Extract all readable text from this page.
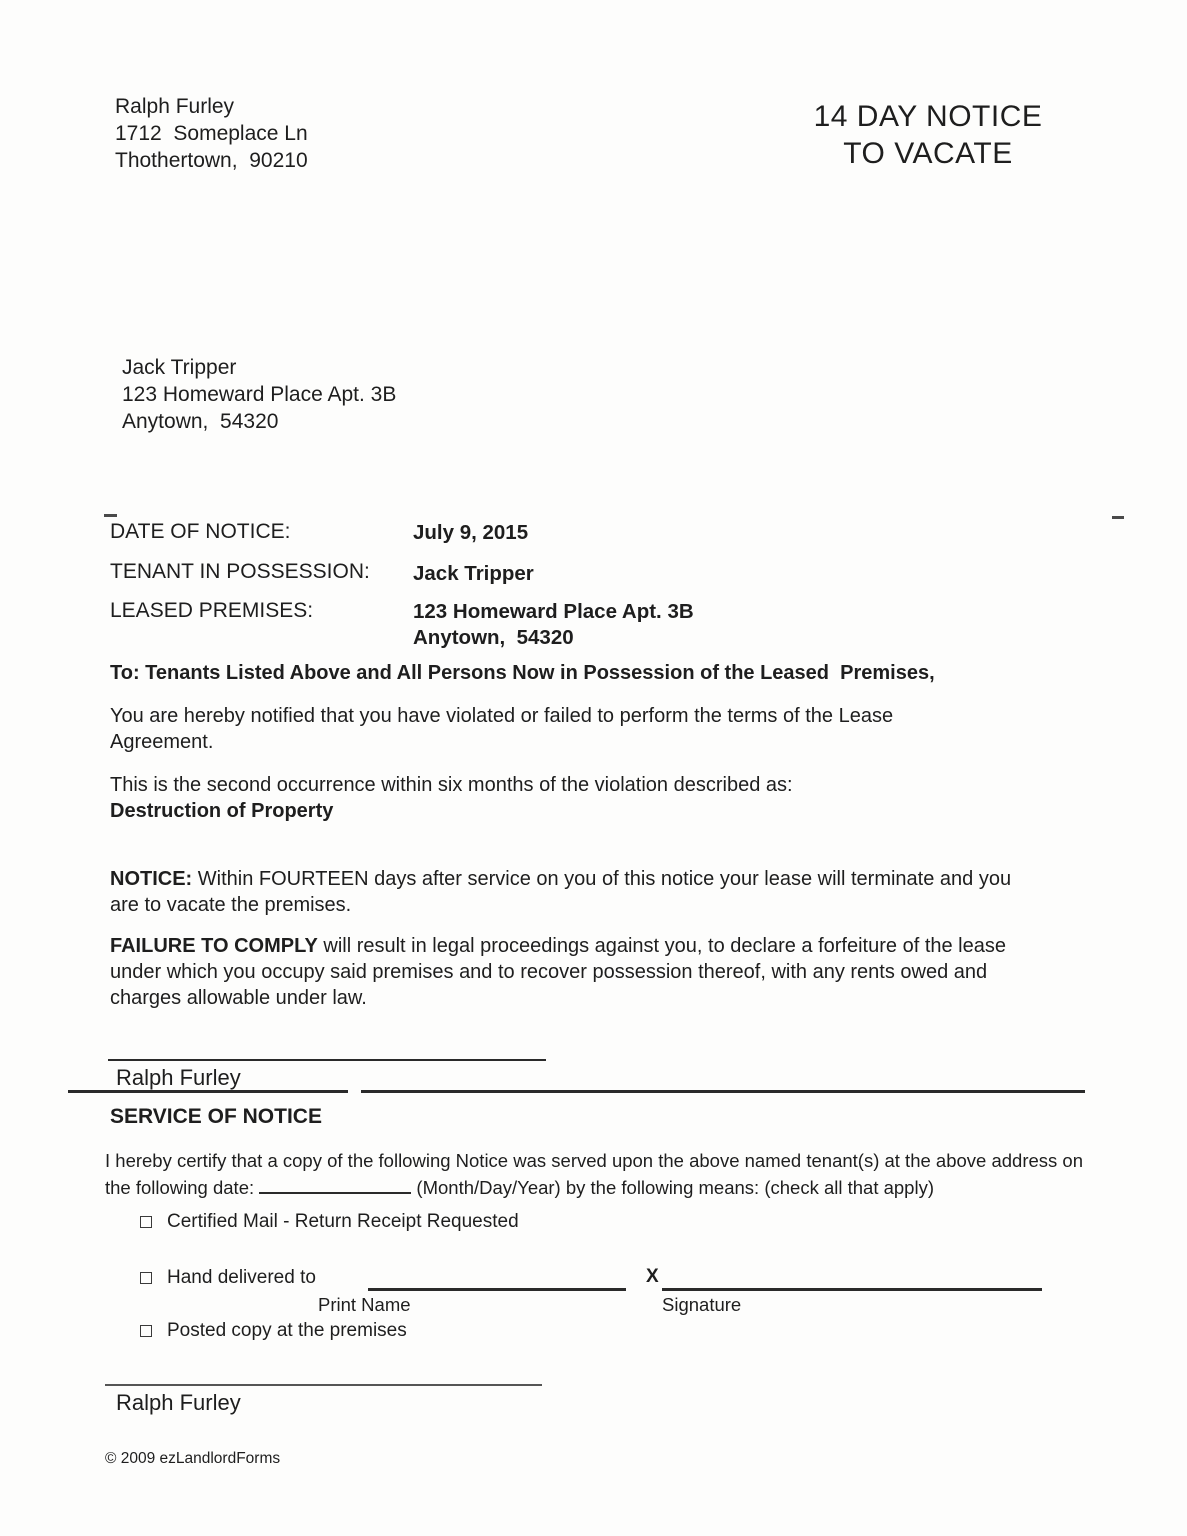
Ralph Furley
1712  Someplace Ln
Thothertown,  90210
14 DAY NOTICE
TO VACATE
Jack Tripper
123 Homeward Place Apt. 3B
Anytown,  54320
DATE OF NOTICE:	July 9, 2015
TENANT IN POSSESSION: Jack Tripper
LEASED PREMISES:	123 Homeward Place Apt. 3B
Anytown,  54320
To: Tenants Listed Above and All Persons Now in Possession of the Leased  Premises,
You are hereby notified that you have violated or failed to perform the terms of the Lease Agreement.
This is the second occurrence within six months of the violation described as:
Destruction of Property
NOTICE: Within FOURTEEN days after service on you of this notice your lease will terminate and you are to vacate the premises.
FAILURE TO COMPLY will result in legal proceedings against you, to declare a forfeiture of the lease under which you occupy said premises and to recover possession thereof, with any rents owed and charges allowable under law.
Ralph Furley
SERVICE OF NOTICE
I hereby certify that a copy of the following Notice was served upon the above named tenant(s) at the above address on the following date:	(Month/Day/Year) by the following means: (check all that apply)
Certified Mail - Return Receipt Requested
Hand delivered to	X
Print Name	Signature
Posted copy at the premises
Ralph Furley
© 2009 ezLandlordForms
